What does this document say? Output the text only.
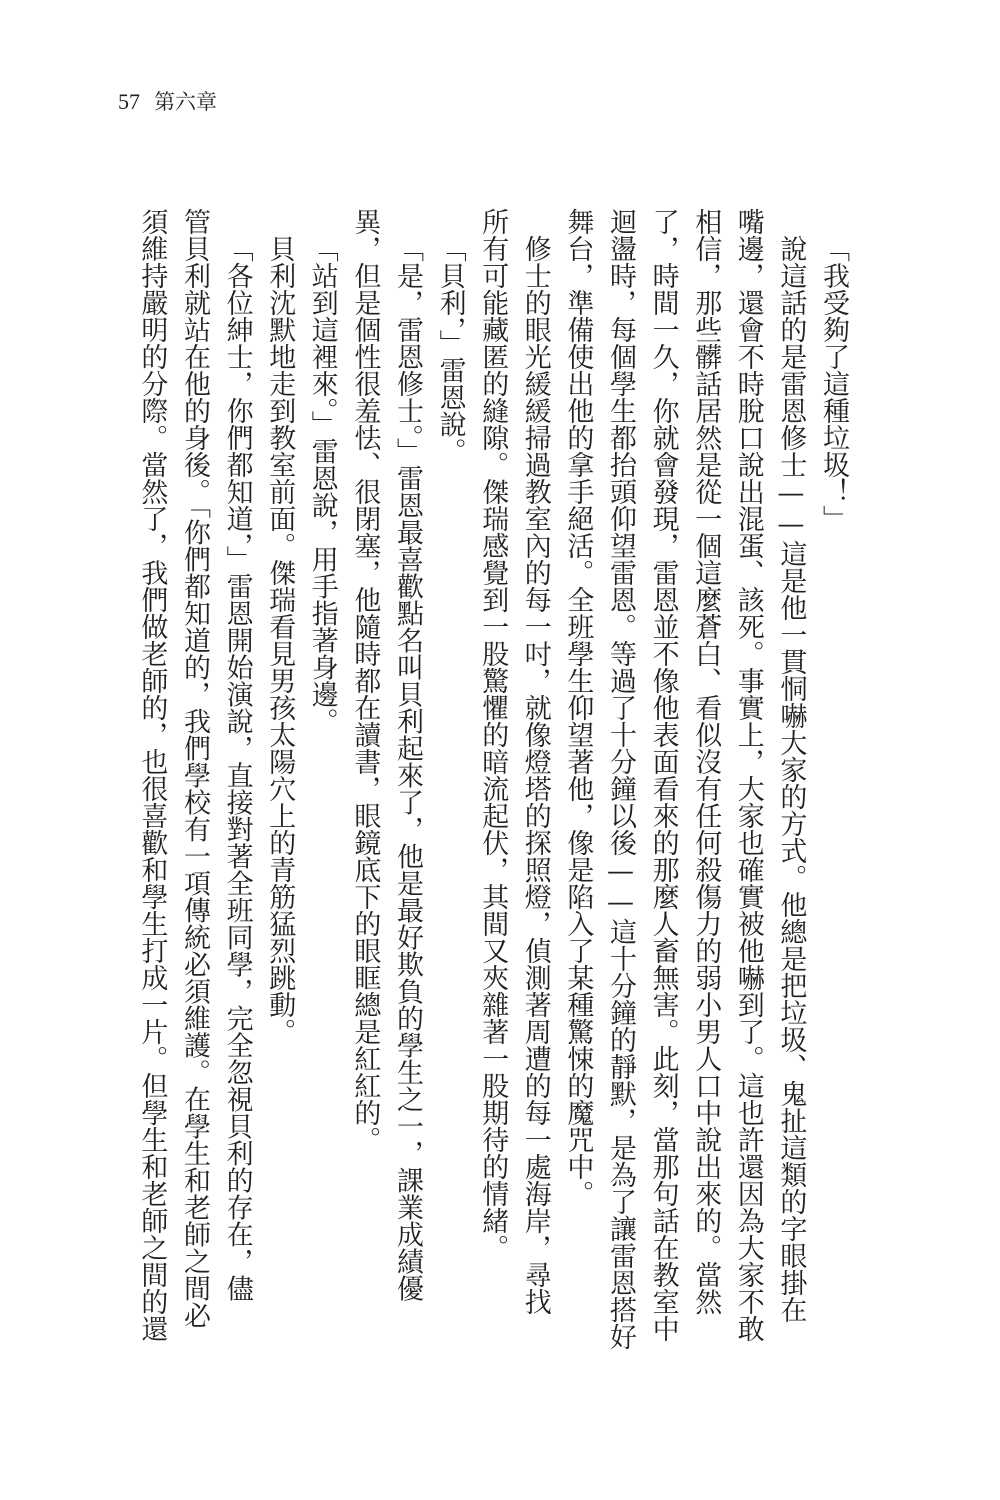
57 第六章
「我受夠了這種垃圾！」
說這話的是雷恩修士——這是他一貫恫嚇大家的方式。他總是把垃圾、鬼扯這類的字眼掛在
嘴邊，還會不時脫口說出混蛋、該死。事實上，大家也確實被他嚇到了。這也許還因為大家不敢
相信，那些髒話居然是從一個這麼蒼白、看似沒有任何殺傷力的弱小男人口中說出來的。當然
了，時間一久，你就會發現，雷恩並不像他表面看來的那麼人畜無害。此刻，當那句話在教室中
迴盪時，每個學生都抬頭仰望雷恩。等過了十分鐘以後——這十分鐘的靜默，是為了讓雷恩搭好
舞台，準備使出他的拿手絕活。全班學生仰望著他，像是陷入了某種驚悚的魔咒中。
修士的眼光緩緩掃過教室內的每一吋，就像燈塔的探照燈，偵測著周遭的每一處海岸，尋找
所有可能藏匿的縫隙。傑瑞感覺到一股驚懼的暗流起伏，其間又夾雜著一股期待的情緒。
「貝利，」雷恩說。
「是，雷恩修士。」雷恩最喜歡點名叫貝利起來了，他是最好欺負的學生之一，課業成績優
異，但是個性很羞怯、很閉塞，他隨時都在讀書，眼鏡底下的眼眶總是紅紅的。
「站到這裡來。」雷恩說，用手指著身邊。
貝利沈默地走到教室前面。傑瑞看見男孩太陽穴上的青筋猛烈跳動。
「各位紳士，你們都知道，」雷恩開始演說，直接對著全班同學，完全忽視貝利的存在，儘
管貝利就站在他的身後。「你們都知道的，我們學校有一項傳統必須維護。在學生和老師之間必
須維持嚴明的分際。當然了，我們做老師的，也很喜歡和學生打成一片。但學生和老師之間的還
